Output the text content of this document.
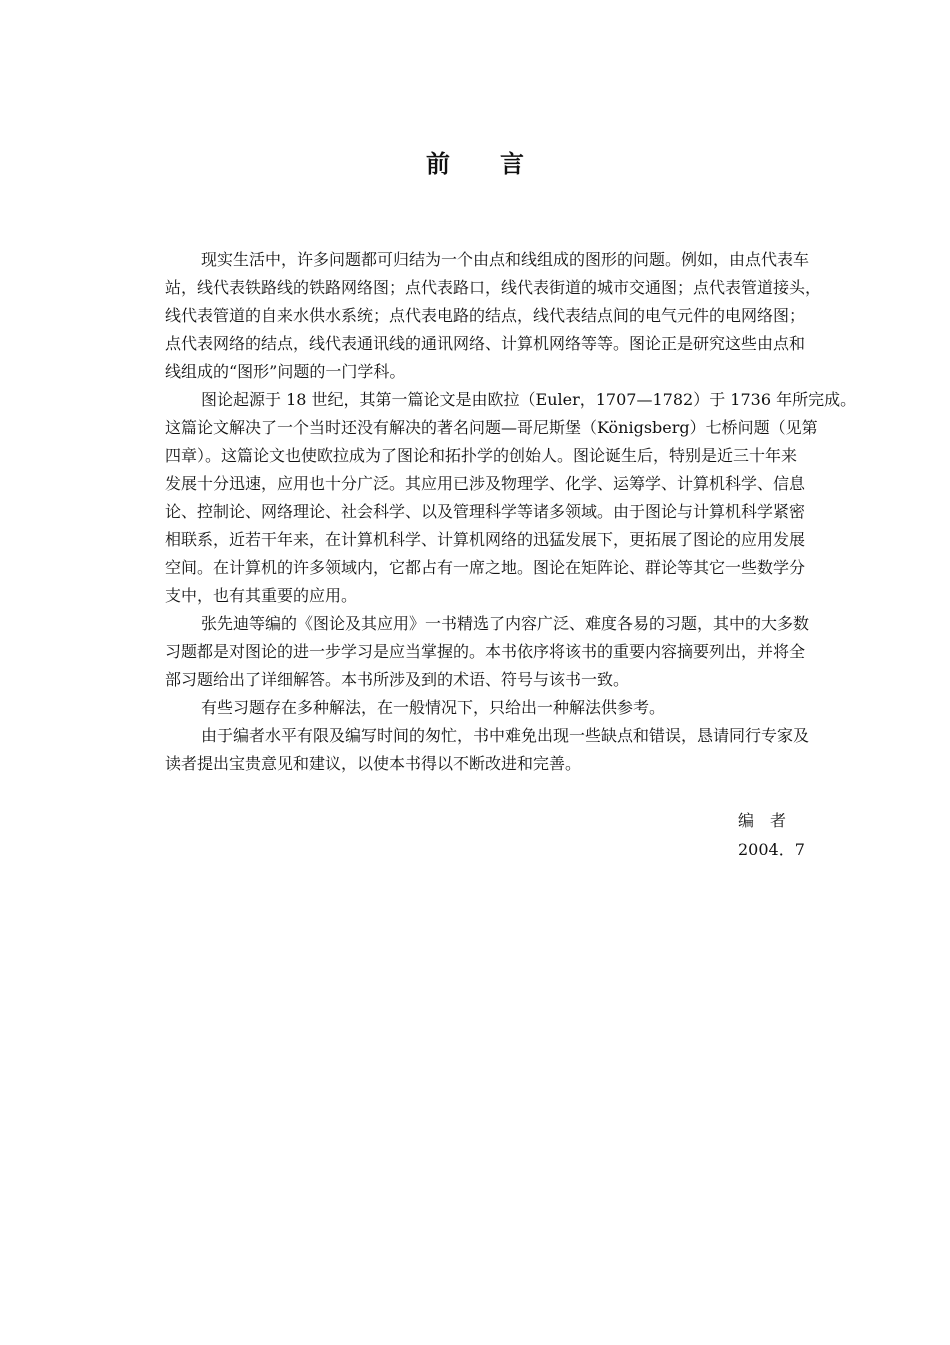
前言

现实生活中，许多问题都可归结为一个由点和线组成的图形的问题。例如，由点代表车
站，线代表铁路线的铁路网络图；点代表路口，线代表街道的城市交通图；点代表管道接头，
线代表管道的自来水供水系统；点代表电路的结点，线代表结点间的电气元件的电网络图；
点代表网络的结点，线代表通讯线的通讯网络、计算机网络等等。图论正是研究这些由点和
线组成的“图形”问题的一门学科。

图论起源于 18 世纪，其第一篇论文是由欧拉（Euler，1707—1782）于 1736 年所完成。
这篇论文解决了一个当时还没有解决的著名问题—哥尼斯堡（Königsberg）七桥问题（见第
四章）。这篇论文也使欧拉成为了图论和拓扑学的创始人。图论诞生后，特别是近三十年来
发展十分迅速，应用也十分广泛。其应用已涉及物理学、化学、运筹学、计算机科学、信息
论、控制论、网络理论、社会科学、以及管理科学等诸多领域。由于图论与计算机科学紧密
相联系，近若干年来，在计算机科学、计算机网络的迅猛发展下，更拓展了图论的应用发展
空间。在计算机的许多领域内，它都占有一席之地。图论在矩阵论、群论等其它一些数学分
支中，也有其重要的应用。

张先迪等编的《图论及其应用》一书精选了内容广泛、难度各易的习题，其中的大多数
习题都是对图论的进一步学习是应当掌握的。本书依序将该书的重要内容摘要列出，并将全
部习题给出了详细解答。本书所涉及到的术语、符号与该书一致。

有些习题存在多种解法，在一般情况下，只给出一种解法供参考。

由于编者水平有限及编写时间的匆忙，书中难免出现一些缺点和错误，恳请同行专家及
读者提出宝贵意见和建议，以使本书得以不断改进和完善。

编　者
2004．7
